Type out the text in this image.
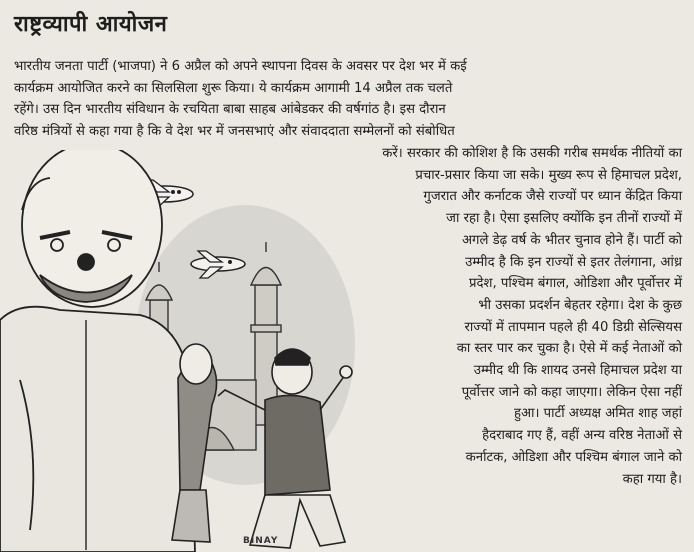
राष्ट्रव्यापी आयोजन
भारतीय जनता पार्टी (भाजपा) ने 6 अप्रैल को अपने स्थापना दिवस के अवसर पर देश भर में कई
कार्यक्रम आयोजित करने का सिलसिला शुरू किया। ये कार्यक्रम आगामी 14 अप्रैल तक चलते
रहेंगे। उस दिन भारतीय संविधान के रचयिता बाबा साहब आंबेडकर की वर्षगांठ है। इस दौरान
वरिष्ठ मंत्रियों से कहा गया है कि वे देश भर में जनसभाएं और संवाददाता सम्मेलनों को संबोधित
करें। सरकार की कोशिश है कि उसकी गरीब समर्थक नीतियों का
प्रचार-प्रसार किया जा सके। मुख्य रूप से हिमाचल प्रदेश,
गुजरात और कर्नाटक जैसे राज्यों पर ध्यान केंद्रित किया
जा रहा है। ऐसा इसलिए क्योंकि इन तीनों राज्यों में
अगले डेढ़ वर्ष के भीतर चुनाव होने हैं। पार्टी को
उम्मीद है कि इन राज्यों से इतर तेलंगाना, आंध्र
प्रदेश, पश्चिम बंगाल, ओडिशा और पूर्वोत्तर में
भी उसका प्रदर्शन बेहतर रहेगा। देश के कुछ
राज्यों में तापमान पहले ही 40 डिग्री सेल्सियस
का स्तर पार कर चुका है। ऐसे में कई नेताओं को
उम्मीद थी कि शायद उनसे हिमाचल प्रदेश या
पूर्वोत्तर जाने को कहा जाएगा। लेकिन ऐसा नहीं
हुआ। पार्टी अध्यक्ष अमित शाह जहां
हैदराबाद गए हैं, वहीं अन्य वरिष्ठ नेताओं से
कर्नाटक, ओडिशा और पश्चिम बंगाल जाने को
कहा गया है।
BINAY
